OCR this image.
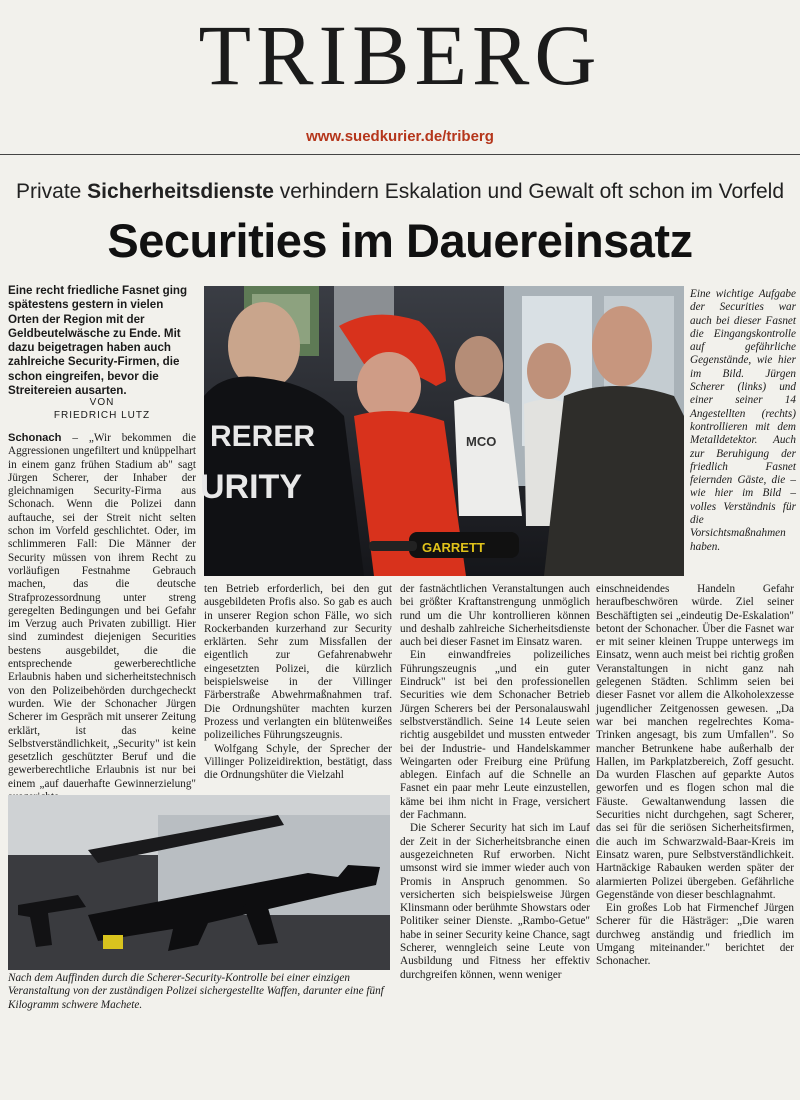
TRIBERG
www.suedkurier.de/triberg
Private Sicherheitsdienste verhindern Eskalation und Gewalt oft schon im Vorfeld
Securities im Dauereinsatz
Eine recht friedliche Fasnet ging spätestens gestern in vielen Orten der Region mit der Geldbeutelwäsche zu Ende. Mit dazu beigetragen haben auch zahlreiche Security-Firmen, die schon eingreifen, bevor die Streitereien ausarten.
VON
FRIEDRICH LUTZ

Schonach – „Wir bekommen die Aggressionen ungefiltert und knüppelhart in einem ganz frühen Stadium ab" sagt Jürgen Scherer, der Inhaber der gleichnamigen Security-Firma aus Schonach. Wenn die Polizei dann auftauche, sei der Streit nicht selten schon im Vorfeld geschlichtet. Oder, im schlimmeren Fall: Die Männer der Security müssen von ihrem Recht zu vorläufigen Festnahme Gebrauch machen, das die deutsche Strafprozessordnung unter streng geregelten Bedingungen und bei Gefahr im Verzug auch Privaten zubilligt. Hier sind zumindest diejenigen Securities bestens ausgebildet, die die entsprechende gewerberechtliche Erlaubnis haben und sicherheitstechnisch von den Polizeibehörden durchgecheckt wurden. Wie der Schonacher Jürgen Scherer im Gespräch mit unserer Zeitung erklärt, ist das keine Selbstverständlichkeit, „Security" ist kein gesetzlich geschützter Beruf und die gewerberechtliche Erlaubnis ist nur bei einem „auf dauerhafte Gewinnerzielung"

RERER
URITY
MCO
GARRETT
Eine wichtige Aufgabe der Securities war auch bei dieser Fasnet die Eingangskontrolle auf gefährliche Gegenstände, wie hier im Bild. Jürgen Scherer (links) und einer seiner 14 Angestellten (rechts) kontrollieren mit dem Metalldetektor. Auch zur Beruhigung der friedlich Fasnet feiernden Gäste, die – wie hier im Bild – volles Verständnis für die Vorsichtsmaßnahmen haben.

ten Betrieb erforderlich, bei den gut ausgebildeten Profis also. So gab es auch in unserer Region schon Fälle, wo sich Rockerbanden kurzerhand zur Security erklärten. Sehr zum Missfallen der eigentlich zur Gefahrenabwehr eingesetzten Polizei, die kürzlich beispielsweise in der Villinger Färberstraße Abwehrmaßnahmen traf. Die Ordnungshüter machten kurzen Prozess und verlangten ein blütenweißes polizeiliches Führungszeugnis.

Wolfgang Schyle, der Sprecher der Villinger Polizeidirektion, bestätigt, dass die Ordnungshüter die Vielzahl

Nach dem Auffinden durch die Scherer-Security-Kontrolle bei einer einzigen Veranstaltung von der zuständigen Polizei sichergestellte Waffen, darunter eine fünf Kilogramm schwere Machete.

der fastnächtlichen Veranstaltungen auch bei größter Kraftanstrengung unmöglich rund um die Uhr kontrollieren können und deshalb zahlreiche Sicherheitsdienste auch bei dieser Fasnet im Einsatz waren.

Ein einwandfreies polizeiliches Führungszeugnis „und ein guter Eindruck" ist bei den professionellen Securities wie dem Schonacher Betrieb Jürgen Scherers bei der Personalauswahl selbstverständlich. Seine 14 Leute seien richtig ausgebildet und mussten entweder bei der Industrie- und Handelskammer Weingarten oder Freiburg eine Prüfung ablegen. Einfach auf die Schnelle an Fasnet ein paar mehr Leute einzustellen, käme bei ihm nicht in Frage, versichert der Fachmann.

Die Scherer Security hat sich im Lauf der Zeit in der Sicherheitsbranche einen ausgezeichneten Ruf erworben. Nicht umsonst wird sie immer wieder auch von Promis in Anspruch genommen. So versicherten sich beispielsweise Jürgen Klinsmann oder berühmte Showstars oder Politiker seiner Dienste. „Rambo-Getue" habe in seiner Security keine Chance, sagt Scherer, wenngleich seine Leute von Ausbildung und Fitness her effektiv durchgreifen können, wenn weniger

einschneidendes Handeln Gefahr heraufbeschwören würde. Ziel seiner Beschäftigten sei „eindeutig De-Eskalation" betont der Schonacher. Über die Fasnet war er mit seiner kleinen Truppe unterwegs im Einsatz, wenn auch meist bei richtig großen Veranstaltungen in nicht ganz nah gelegenen Städten. Schlimm seien bei dieser Fasnet vor allem die Alkoholexzesse jugendlicher Zeitgenossen gewesen. „Da war bei manchen regelrechtes Koma-Trinken angesagt, bis zum Umfallen". So mancher Betrunkene habe außerhalb der Hallen, im Parkplatzbereich, Zoff gesucht. Da wurden Flaschen auf geparkte Autos geworfen und es flogen schon mal die Fäuste. Gewaltanwendung lassen die Securities nicht durchgehen, sagt Scherer, das sei für die seriösen Sicherheitsfirmen, die auch im Schwarzwald-Baar-Kreis im Einsatz waren, pure Selbstverständlichkeit. Hartnäckige Rabauken werden später der alarmierten Polizei übergeben. Gefährliche Gegenstände von dieser beschlagnahmt.

Ein großes Lob hat Firmenchef Jürgen Scherer für die Hästräger: „Die waren durchweg anständig und friedlich im Umgang miteinander." berichtet der Schonacher.
